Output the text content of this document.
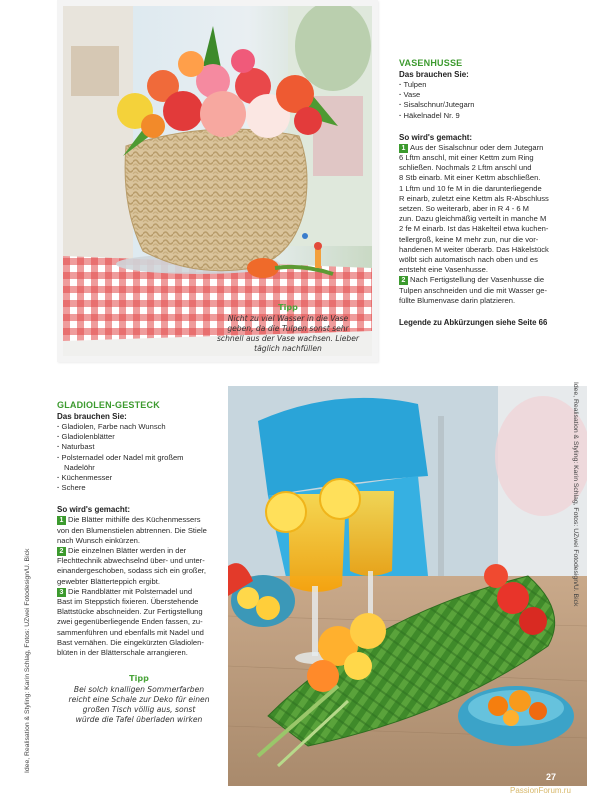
Tipp
Nicht zu viel Wasser in die Vase
geben, da die Tulpen sonst sehr
schnell aus der Vase wachsen. Lieber
täglich nachfüllen
VASENHUSSE
Das brauchen Sie:
· Tulpen
· Vase
· Sisalschnur/Jutegarn
· Häkelnadel Nr. 9
So wird's gemacht:
1 Aus der Sisalschnur oder dem Jutegarn
6 Lftm anschl, mit einer Kettm zum Ring
schließen. Nochmals 2 Lftm anschl und
8 Stb einarb. Mit einer Kettm abschließen.
1 Lftm und 10 fe M in die darunterliegende
R einarb, zuletzt eine Kettm als R-Abschluss
setzen. So weiterarb, aber in R 4 - 6 M
zun. Dazu gleichmäßig verteilt in manche M
2 fe M einarb. Ist das Häkelteil etwa kuchen-
tellergroß, keine M mehr zun, nur die vor-
handenen M weiter überarb. Das Häkelstück
wölbt sich automatisch nach oben und es
entsteht eine Vasenhusse.
2 Nach Fertigstellung der Vasenhusse die
Tulpen anschneiden und die mit Wasser ge-
füllte Blumenvase darin platzieren.
Legende zu Abkürzungen siehe Seite 66
GLADIOLEN-GESTECK
Das brauchen Sie:
· Gladiolen, Farbe nach Wunsch
· Gladiolenblätter
· Naturbast
· Polsternadel oder Nadel mit großem
Nadelöhr
· Küchenmesser
· Schere
So wird's gemacht:
1 Die Blätter mithilfe des Küchenmessers
von den Blumenstielen abtrennen. Die Stiele
nach Wunsch einkürzen.
2 Die einzelnen Blätter werden in der
Flechttechnik abwechselnd über- und unter-
einandergeschoben, sodass sich ein großer,
gewebter Blätterteppich ergibt.
3 Die Randblätter mit Polsternadel und
Bast im Steppstich fixieren. Überstehende
Blattstücke abschneiden. Zur Fertigstellung
zwei gegenüberliegende Enden fassen, zu-
sammenführen und ebenfalls mit Nadel und
Bast vernähen. Die eingekürzten Gladiolen-
blüten in der Blätterschale arrangieren.
Tipp
Bei solch knalligen Sommerfarben
reicht eine Schale zur Deko für einen
großen Tisch völlig aus, sonst
würde die Tafel überladen wirken
Idee, Realisation & Styling: Karin Schlag, Fotos: UZwei Fotodesign/U. Bick
Idee, Realisation & Styling: Karin Schlag, Fotos: UZwei Fotodesign/U. Bick
27
PassionForum.ru
